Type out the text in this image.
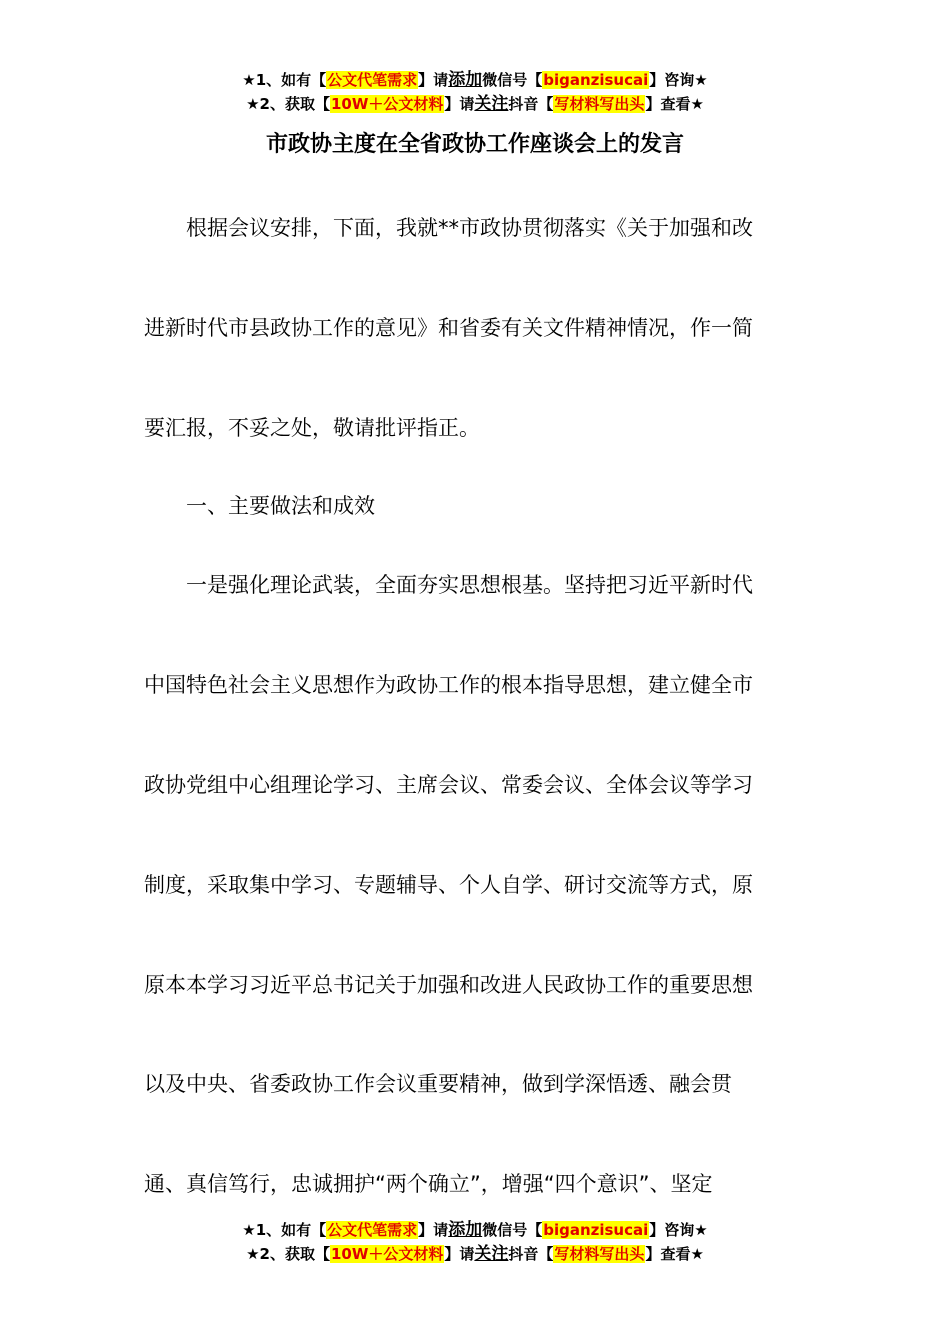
★1、如有【公文代笔需求】请添加微信号【biganzisucai】咨询★
★2、获取【10W＋公文材料】请关注抖音【写材料写出头】查看★
市政协主度在全省政协工作座谈会上的发言
根据会议安排，下面，我就**市政协贯彻落实《关于加强和改
进新时代市县政协工作的意见》和省委有关文件精神情况，作一简
要汇报，不妥之处，敬请批评指正。
一、主要做法和成效
一是强化理论武装，全面夯实思想根基。坚持把习近平新时代
中国特色社会主义思想作为政协工作的根本指导思想，建立健全市
政协党组中心组理论学习、主席会议、常委会议、全体会议等学习
制度，采取集中学习、专题辅导、个人自学、研讨交流等方式，原
原本本学习习近平总书记关于加强和改进人民政协工作的重要思想
以及中央、省委政协工作会议重要精神，做到学深悟透、融会贯
通、真信笃行，忠诚拥护“两个确立”，增强“四个意识”、坚定
★1、如有【公文代笔需求】请添加微信号【biganzisucai】咨询★
★2、获取【10W＋公文材料】请关注抖音【写材料写出头】查看★
